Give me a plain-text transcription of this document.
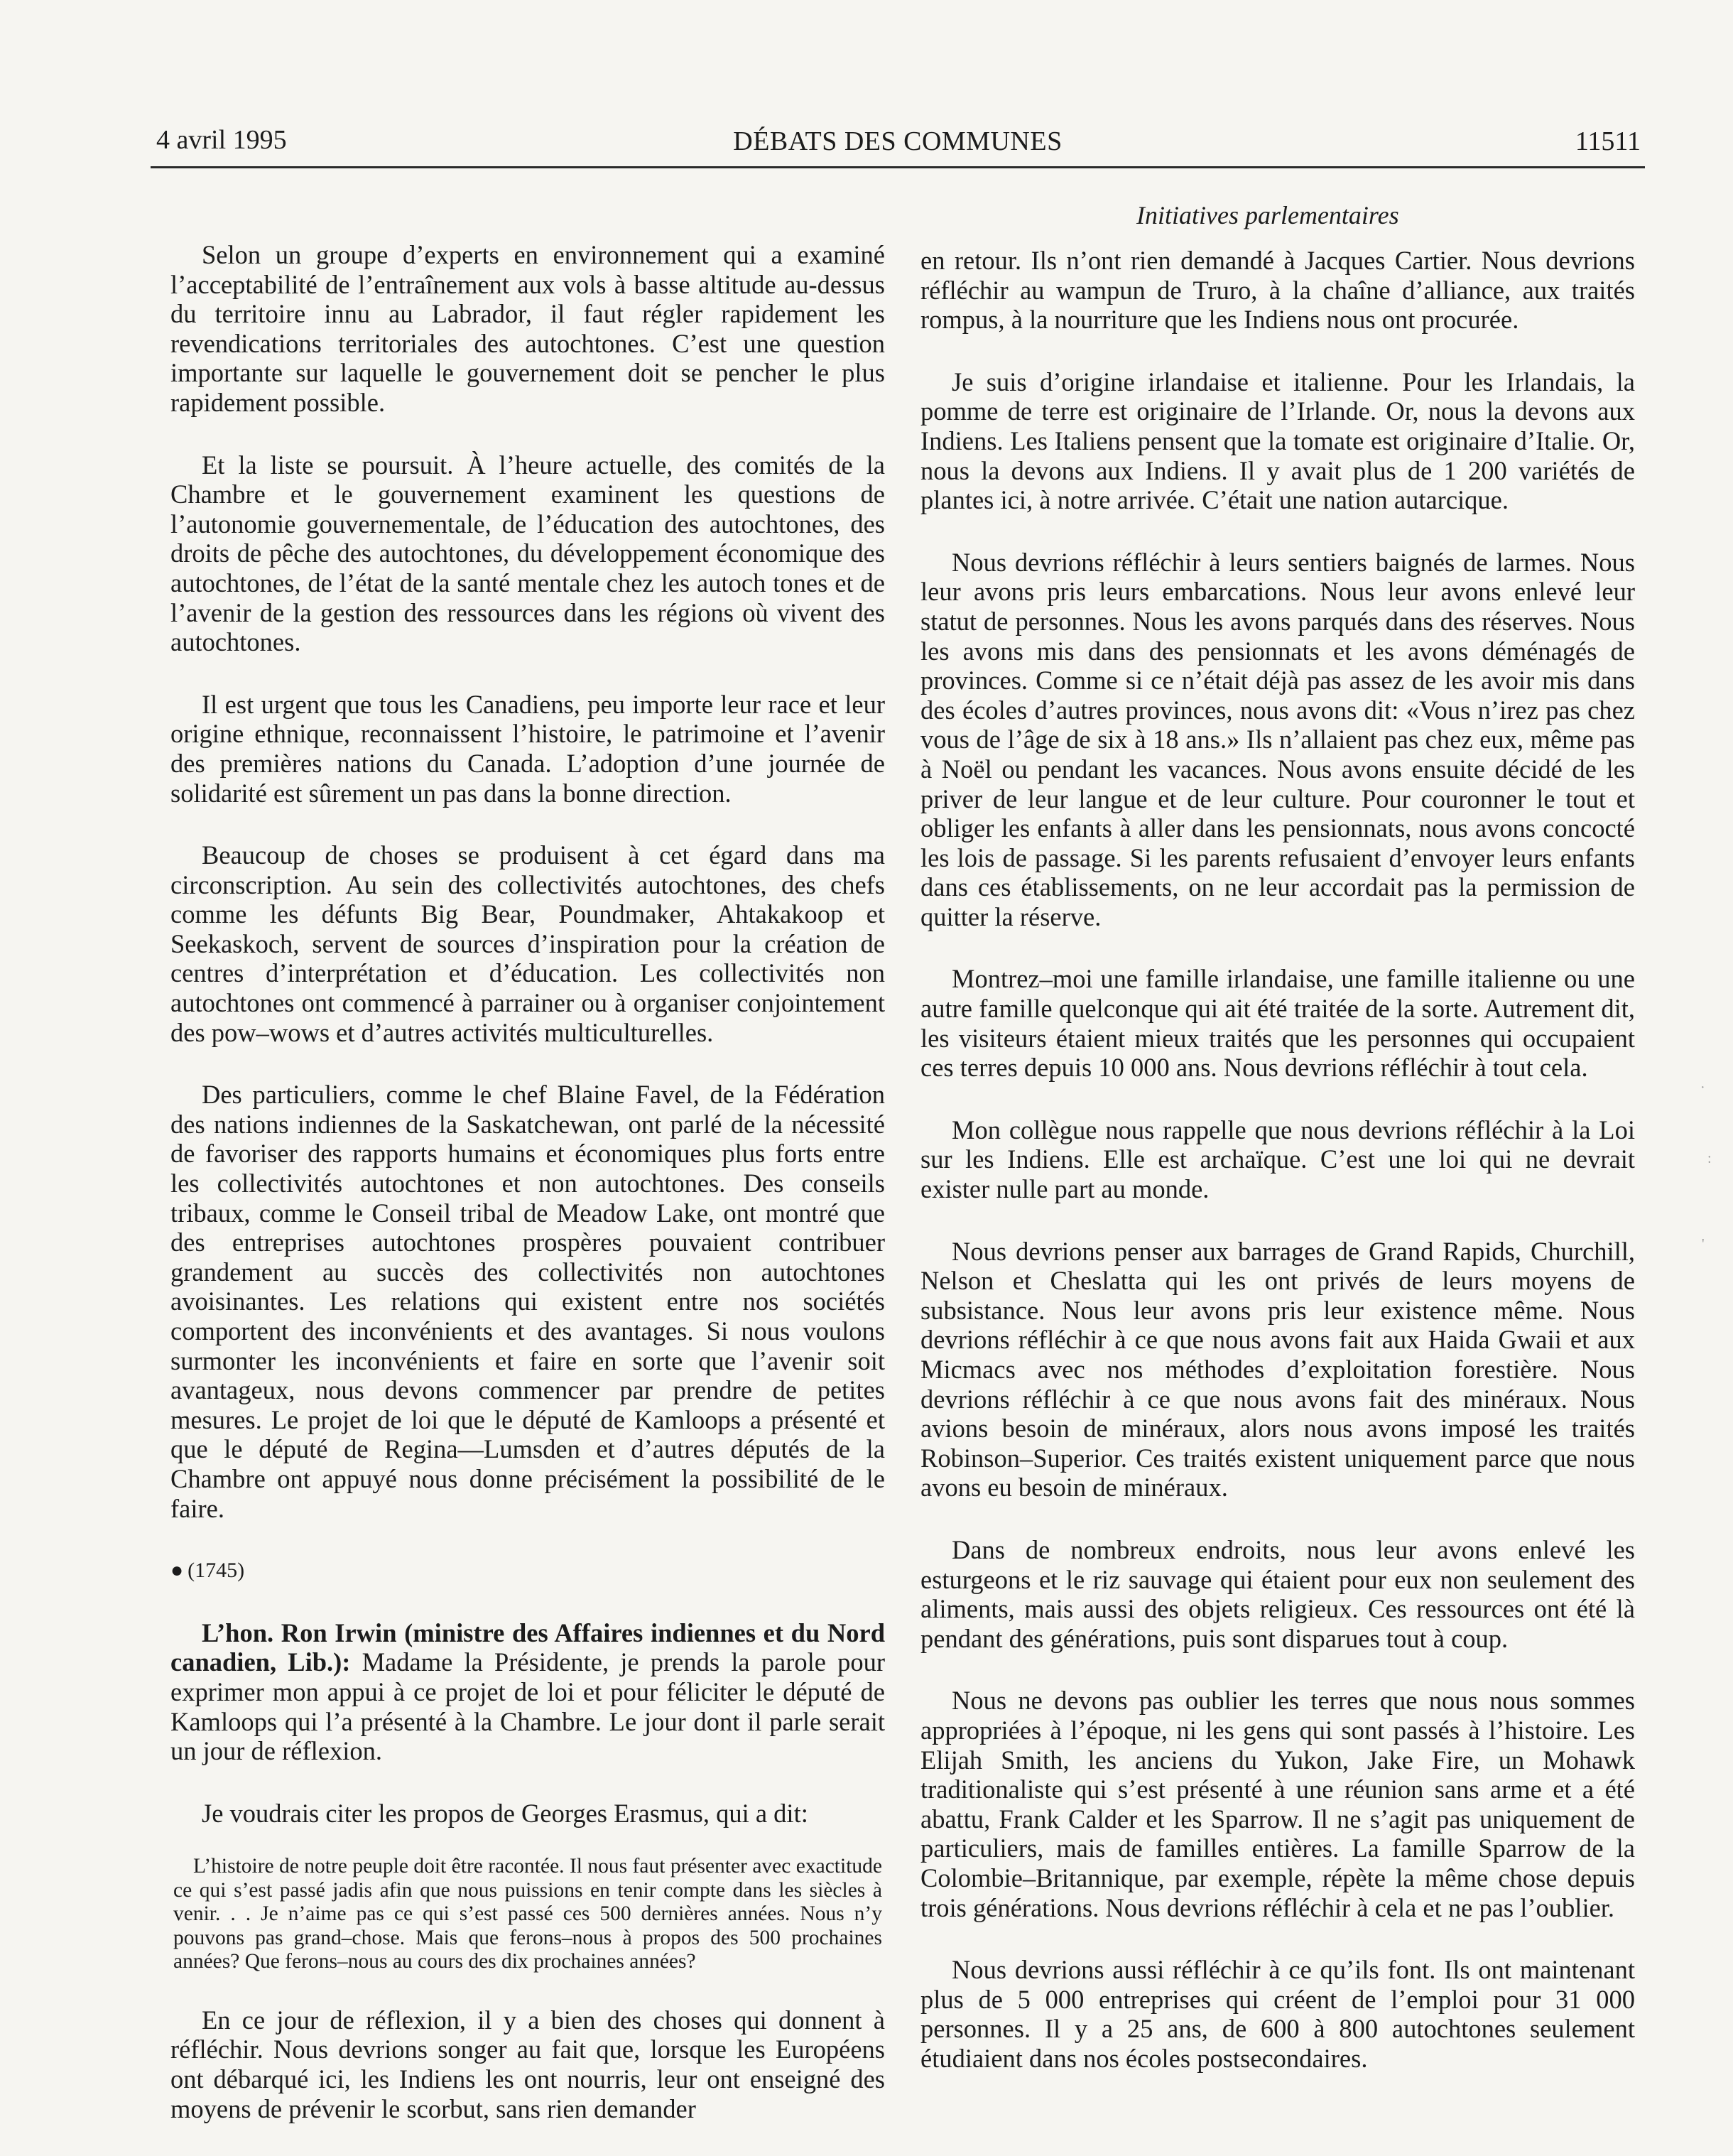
4 avril 1995	DÉBATS DES COMMUNES	11511
Initiatives parlementaires

Selon un groupe d’experts en environnement qui a examiné l’acceptabilité de l’entraînement aux vols à basse altitude au-dessus du territoire innu au Labrador, il faut régler rapidement les revendications territoriales des autochtones. C’est une question importante sur laquelle le gouvernement doit se pencher le plus rapidement possible.

Et la liste se poursuit. À l’heure actuelle, des comités de la Chambre et le gouvernement examinent les questions de l’autonomie gouvernementale, de l’éducation des autochtones, des droits de pêche des autochtones, du développement économique des autochtones, de l’état de la santé mentale chez les autoch tones et de l’avenir de la gestion des ressources dans les régions où vivent des autochtones.

Il est urgent que tous les Canadiens, peu importe leur race et leur origine ethnique, reconnaissent l’histoire, le patrimoine et l’avenir des premières nations du Canada. L’adoption d’une journée de solidarité est sûrement un pas dans la bonne direction.

Beaucoup de choses se produisent à cet égard dans ma circonscription. Au sein des collectivités autochtones, des chefs comme les défunts Big Bear, Poundmaker, Ahtakakoop et Seekaskoch, servent de sources d’inspiration pour la création de centres d’interprétation et d’éducation. Les collectivités non autochtones ont commencé à parrainer ou à organiser conjointement des pow–wows et d’autres activités multiculturelles.

Des particuliers, comme le chef Blaine Favel, de la Fédération des nations indiennes de la Saskatchewan, ont parlé de la nécessité de favoriser des rapports humains et économiques plus forts entre les collectivités autochtones et non autochtones. Des conseils tribaux, comme le Conseil tribal de Meadow Lake, ont montré que des entreprises autochtones prospères pouvaient contribuer grandement au succès des collectivités non autochtones avoisinantes. Les relations qui existent entre nos sociétés comportent des inconvénients et des avantages. Si nous voulons surmonter les inconvénients et faire en sorte que l’avenir soit avantageux, nous devons commencer par prendre de petites mesures. Le projet de loi que le député de Kamloops a présenté et que le député de Regina—Lumsden et d’autres députés de la Chambre ont appuyé nous donne précisément la possibilité de le faire.

● (1745)

L’hon. Ron Irwin (ministre des Affaires indiennes et du Nord canadien, Lib.): Madame la Présidente, je prends la parole pour exprimer mon appui à ce projet de loi et pour féliciter le député de Kamloops qui l’a présenté à la Chambre. Le jour dont il parle serait un jour de réflexion.

Je voudrais citer les propos de Georges Erasmus, qui a dit:

L’histoire de notre peuple doit être racontée. Il nous faut présenter avec exactitude ce qui s’est passé jadis afin que nous puissions en tenir compte dans les siècles à venir. . . Je n’aime pas ce qui s’est passé ces 500 dernières années. Nous n’y pouvons pas grand–chose. Mais que ferons–nous à propos des 500 prochaines années? Que ferons–nous au cours des dix prochaines années?

En ce jour de réflexion, il y a bien des choses qui donnent à réfléchir. Nous devrions songer au fait que, lorsque les Européens ont débarqué ici, les Indiens les ont nourris, leur ont enseigné des moyens de prévenir le scorbut, sans rien demander

en retour. Ils n’ont rien demandé à Jacques Cartier. Nous devrions réfléchir au wampun de Truro, à la chaîne d’alliance, aux traités rompus, à la nourriture que les Indiens nous ont procurée.

Je suis d’origine irlandaise et italienne. Pour les Irlandais, la pomme de terre est originaire de l’Irlande. Or, nous la devons aux Indiens. Les Italiens pensent que la tomate est originaire d’Italie. Or, nous la devons aux Indiens. Il y avait plus de 1 200 variétés de plantes ici, à notre arrivée. C’était une nation autarcique.

Nous devrions réfléchir à leurs sentiers baignés de larmes. Nous leur avons pris leurs embarcations. Nous leur avons enlevé leur statut de personnes. Nous les avons parqués dans des réserves. Nous les avons mis dans des pensionnats et les avons déménagés de provinces. Comme si ce n’était déjà pas assez de les avoir mis dans des écoles d’autres provinces, nous avons dit: «Vous n’irez pas chez vous de l’âge de six à 18 ans.» Ils n’allaient pas chez eux, même pas à Noël ou pendant les vacances. Nous avons ensuite décidé de les priver de leur langue et de leur culture. Pour couronner le tout et obliger les enfants à aller dans les pensionnats, nous avons concocté les lois de passage. Si les parents refusaient d’envoyer leurs enfants dans ces établissements, on ne leur accordait pas la permission de quitter la réserve.

Montrez–moi une famille irlandaise, une famille italienne ou une autre famille quelconque qui ait été traitée de la sorte. Autrement dit, les visiteurs étaient mieux traités que les personnes qui occupaient ces terres depuis 10 000 ans. Nous devrions réfléchir à tout cela.

Mon collègue nous rappelle que nous devrions réfléchir à la Loi sur les Indiens. Elle est archaïque. C’est une loi qui ne devrait exister nulle part au monde.

Nous devrions penser aux barrages de Grand Rapids, Churchill, Nelson et Cheslatta qui les ont privés de leurs moyens de subsistance. Nous leur avons pris leur existence même. Nous devrions réfléchir à ce que nous avons fait aux Haida Gwaii et aux Micmacs avec nos méthodes d’exploitation forestière. Nous devrions réfléchir à ce que nous avons fait des minéraux. Nous avions besoin de minéraux, alors nous avons imposé les traités Robinson–Superior. Ces traités existent uniquement parce que nous avons eu besoin de minéraux.

Dans de nombreux endroits, nous leur avons enlevé les esturgeons et le riz sauvage qui étaient pour eux non seulement des aliments, mais aussi des objets religieux. Ces ressources ont été là pendant des générations, puis sont disparues tout à coup.

Nous ne devons pas oublier les terres que nous nous sommes appropriées à l’époque, ni les gens qui sont passés à l’histoire. Les Elijah Smith, les anciens du Yukon, Jake Fire, un Mohawk traditionaliste qui s’est présenté à une réunion sans arme et a été abattu, Frank Calder et les Sparrow. Il ne s’agit pas uniquement de particuliers, mais de familles entières. La famille Sparrow de la Colombie–Britannique, par exemple, répète la même chose depuis trois générations. Nous devrions réfléchir à cela et ne pas l’oublier.

Nous devrions aussi réfléchir à ce qu’ils font. Ils ont maintenant plus de 5 000 entreprises qui créent de l’emploi pour 31 000 personnes. Il y a 25 ans, de 600 à 800 autochtones seulement étudiaient dans nos écoles postsecondaires.

·
:
'
